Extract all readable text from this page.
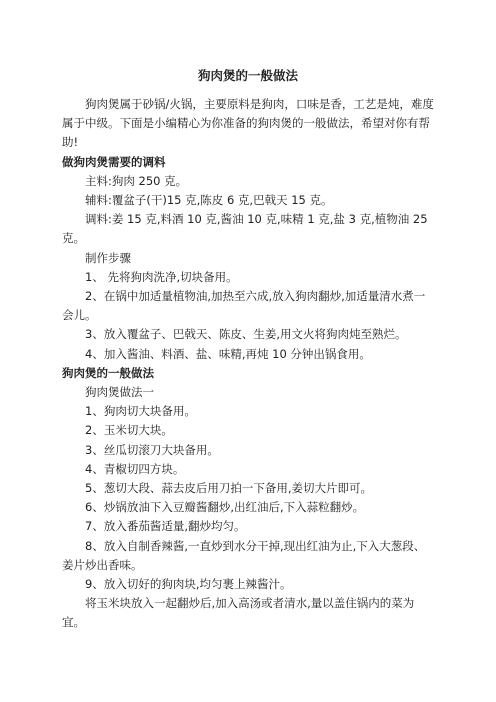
狗肉煲的一般做法

狗肉煲属于砂锅/火锅，主要原料是狗肉，口味是香，工艺是炖，难度属于中级。下面是小编精心为你准备的狗肉煲的一般做法，希望对你有帮助!

做狗肉煲需要的调料

主料:狗肉 250 克。

辅料:覆盆子(干)15 克,陈皮 6 克,巴戟天 15 克。

调料:姜 15 克,料酒 10 克,酱油 10 克,味精 1 克,盐 3 克,植物油 25 克。

制作步骤

1、 先将狗肉洗净,切块备用。

2、在锅中加适量植物油,加热至六成,放入狗肉翻炒,加适量清水煮一会儿。

3、放入覆盆子、巴戟天、陈皮、生姜,用文火将狗肉炖至熟烂。

4、加入酱油、料酒、盐、味精,再炖 10 分钟出锅食用。

狗肉煲的一般做法

狗肉煲做法一

1、狗肉切大块备用。

2、玉米切大块。

3、丝瓜切滚刀大块备用。

4、青椒切四方块。

5、葱切大段、蒜去皮后用刀拍一下备用,姜切大片即可。

6、炒锅放油下入豆瓣酱翻炒,出红油后,下入蒜粒翻炒。

7、放入番茄酱适量,翻炒均匀。

8、放入自制香辣酱,一直炒到水分干掉,现出红油为止,下入大葱段、姜片炒出香味。

9、放入切好的狗肉块,均匀裹上辣酱汁。

将玉米块放入一起翻炒后,加入高汤或者清水,量以盖住锅内的菜为宜。
